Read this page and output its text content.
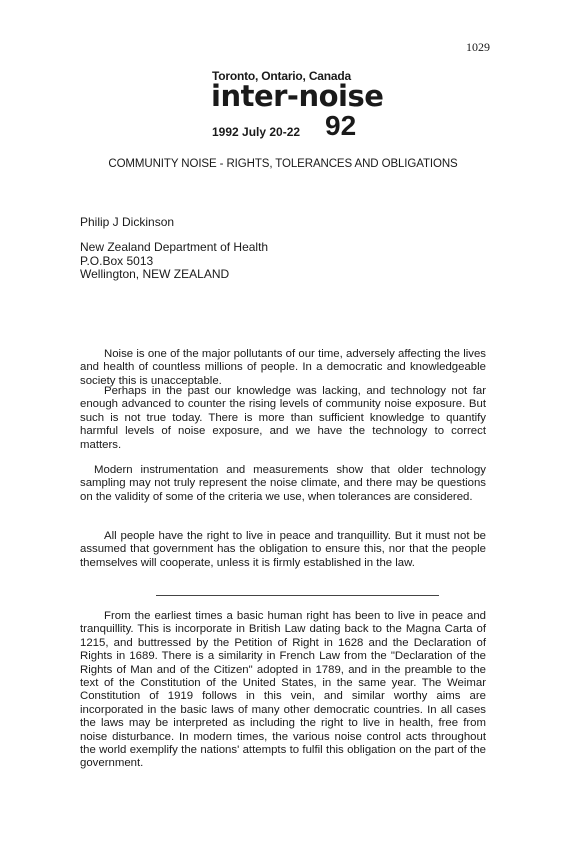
1029
Toronto, Ontario, Canada
inter-noise
1992 July 20-22 92
COMMUNITY NOISE - RIGHTS, TOLERANCES AND OBLIGATIONS
Philip J Dickinson
New Zealand Department of Health
P.O.Box 5013
Wellington, NEW ZEALAND

Noise is one of the major pollutants of our time, adversely affecting the lives and health of countless millions of people. In a democratic and knowledgeable society this is unacceptable.

Perhaps in the past our knowledge was lacking, and technology not far enough advanced to counter the rising levels of community noise exposure. But such is not true today. There is more than sufficient knowledge to quantify harmful levels of noise exposure, and we have the technology to correct matters.

Modern instrumentation and measurements show that older technology sampling may not truly represent the noise climate, and there may be questions on the validity of some of the criteria we use, when tolerances are considered.

All people have the right to live in peace and tranquillity. But it must not be assumed that government has the obligation to ensure this, nor that the people themselves will cooperate, unless it is firmly established in the law.

From the earliest times a basic human right has been to live in peace and tranquillity. This is incorporate in British Law dating back to the Magna Carta of 1215, and buttressed by the Petition of Right in 1628 and the Declaration of Rights in 1689. There is a similarity in French Law from the "Declaration of the Rights of Man and of the Citizen" adopted in 1789, and in the preamble to the text of the Constitution of the United States, in the same year. The Weimar Constitution of 1919 follows in this vein, and similar worthy aims are incorporated in the basic laws of many other democratic countries. In all cases the laws may be interpreted as including the right to live in health, free from noise disturbance. In modern times, the various noise control acts throughout the world exemplify the nations' attempts to fulfil this obligation on the part of the government.
